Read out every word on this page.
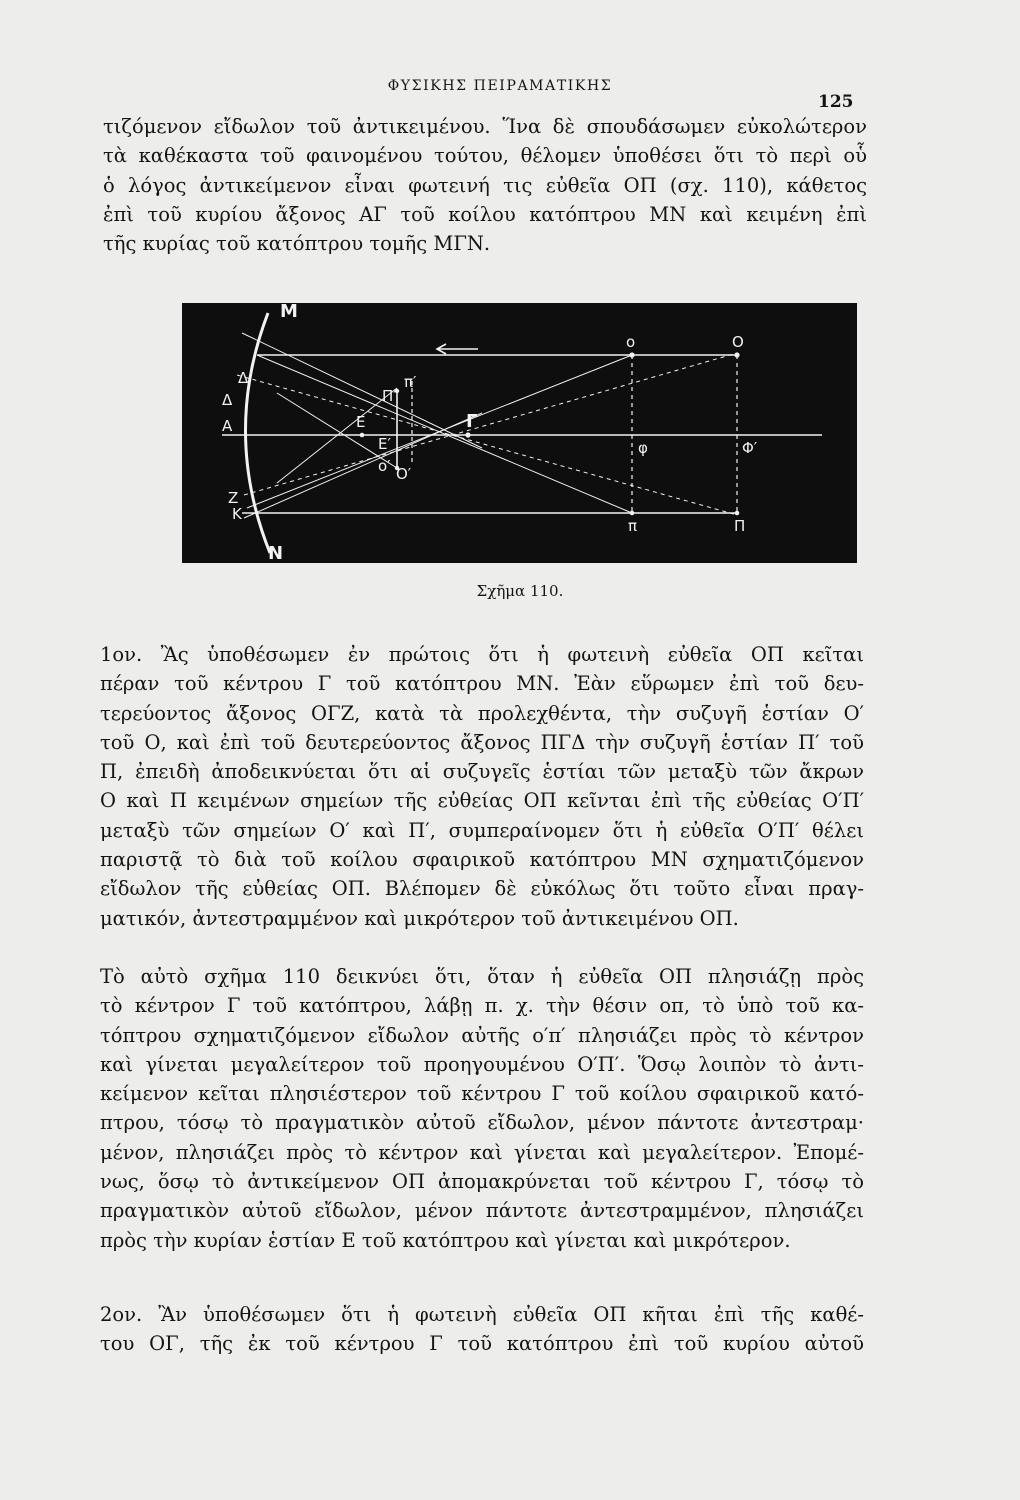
ΦΥΣΙΚΗΣ ΠΕΙΡΑΜΑΤΙΚΗΣ
125
τιζόμενον εἴδωλον τοῦ ἀντικειμένου. Ἵνα δὲ σπουδάσωμεν εὐκολώτερον
τὰ καθέκαστα τοῦ φαινομένου τούτου, θέλομεν ὑποθέσει ὅτι τὸ περὶ οὗ
ὁ λόγος ἀντικείμενον εἶναι φωτεινή τις εὐθεῖα ΟΠ (σχ. 110), κάθετος
ἐπὶ τοῦ κυρίου ἄξονος ΑΓ τοῦ κοίλου κατόπτρου ΜΝ καὶ κειμένη ἐπὶ
τῆς κυρίας τοῦ κατόπτρου τομῆς ΜΓΝ.
M
N
Δ
Δ
Α
Ζ
Κ
Ε
Ε′
Γ
π′
Π′
ο′ Ο′
ο	Ο
φ	Φ′
π	Π
Σχῆμα 110.
1ον. Ἂς ὑποθέσωμεν ἐν πρώτοις ὅτι ἡ φωτεινὴ εὐθεῖα ΟΠ κεῖται
πέραν τοῦ κέντρου Γ τοῦ κατόπτρου ΜΝ. Ἐὰν εὕρωμεν ἐπὶ τοῦ δευ-
τερεύοντος ἄξονος ΟΓΖ, κατὰ τὰ προλεχθέντα, τὴν συζυγῆ ἑστίαν Ο′
τοῦ Ο, καὶ ἐπὶ τοῦ δευτερεύοντος ἄξονος ΠΓΔ τὴν συζυγῆ ἑστίαν Π′ τοῦ
Π, ἐπειδὴ ἀποδεικνύεται ὅτι αἱ συζυγεῖς ἑστίαι τῶν μεταξὺ τῶν ἄκρων
Ο καὶ Π κειμένων σημείων τῆς εὐθείας ΟΠ κεῖνται ἐπὶ τῆς εὐθείας Ο′Π′
μεταξὺ τῶν σημείων Ο′ καὶ Π′, συμπεραίνομεν ὅτι ἡ εὐθεῖα Ο′Π′ θέλει
παριστᾷ τὸ διὰ τοῦ κοίλου σφαιρικοῦ κατόπτρου ΜΝ σχηματιζόμενον
εἴδωλον τῆς εὐθείας ΟΠ. Βλέπομεν δὲ εὐκόλως ὅτι τοῦτο εἶναι πραγ-
ματικόν, ἀντεστραμμένον καὶ μικρότερον τοῦ ἀντικειμένου ΟΠ.
Τὸ αὐτὸ σχῆμα 110 δεικνύει ὅτι, ὅταν ἡ εὐθεῖα ΟΠ πλησιάζῃ πρὸς
τὸ κέντρον Γ τοῦ κατόπτρου, λάβῃ π. χ. τὴν θέσιν οπ, τὸ ὑπὸ τοῦ κα-
τόπτρου σχηματιζόμενον εἴδωλον αὐτῆς ο′π′ πλησιάζει πρὸς τὸ κέντρον
καὶ γίνεται μεγαλείτερον τοῦ προηγουμένου Ο′Π′. Ὅσῳ λοιπὸν τὸ ἀντι-
κείμενον κεῖται πλησιέστερον τοῦ κέντρου Γ τοῦ κοίλου σφαιρικοῦ κατό-
πτρου, τόσῳ τὸ πραγματικὸν αὐτοῦ εἴδωλον, μένον πάντοτε ἀντεστραμ·
μένον, πλησιάζει πρὸς τὸ κέντρον καὶ γίνεται καὶ μεγαλείτερον. Ἐπομέ-
νως, ὅσῳ τὸ ἀντικείμενον ΟΠ ἀπομακρύνεται τοῦ κέντρου Γ, τόσῳ τὸ
πραγματικὸν αὐτοῦ εἴδωλον, μένον πάντοτε ἀντεστραμμένον, πλησιάζει
πρὸς τὴν κυρίαν ἑστίαν Ε τοῦ κατόπτρου καὶ γίνεται καὶ μικρότερον.
2ον. Ἂν ὑποθέσωμεν ὅτι ἡ φωτεινὴ εὐθεῖα ΟΠ κῆται ἐπὶ τῆς καθέ-
του ΟΓ, τῆς ἐκ τοῦ κέντρου Γ τοῦ κατόπτρου ἐπὶ τοῦ κυρίου αὐτοῦ
